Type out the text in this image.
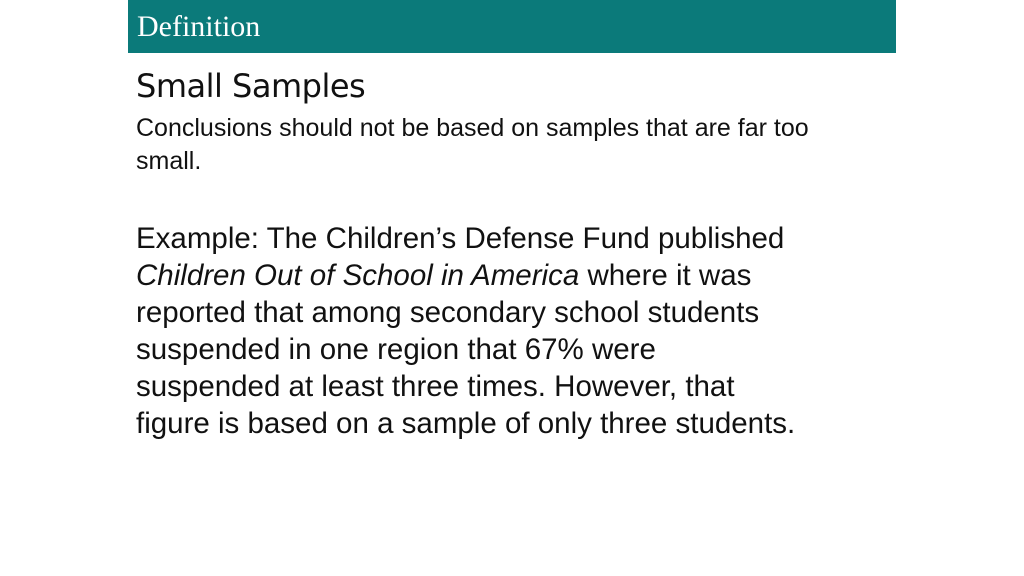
Definition
Small Samples

Conclusions should not be based on samples that are far too small.

Example: The Children’s Defense Fund published Children Out of School in America where it was reported that among secondary school students suspended in one region that 67% were suspended at least three times. However, that figure is based on a sample of only three students.
